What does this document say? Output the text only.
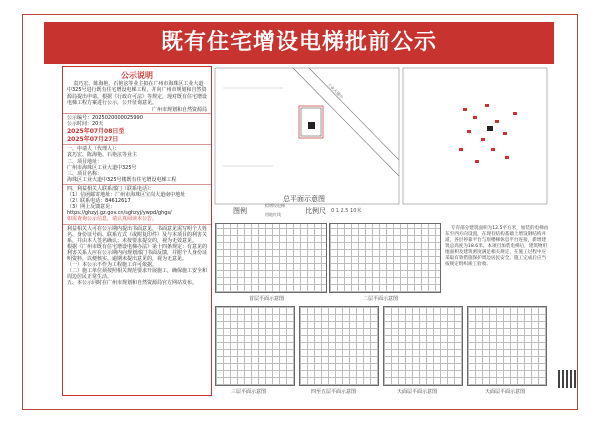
既有住宅增设电梯批前公示
公示说明
袁巧宏、陈海艳、石艳泫等业主拟在广州市海珠区工业大道中325号进行既有住宅增设电梯工程，并向广州市规划和自然资源局提出申请。根据《行政许可法》等规定，现对既有住宅增设电梯工程方案进行公示，公开征询意见。
广州市规划和自然资源局
公示编号：2025020000025990
公示时间：20天
2025年07月08日至
2025年07月27日
一、申请人（代理人）：
袁巧宏、陈海艳、石艳泫等业主
二、项目地址：
广州市海珠区工业大道中325号
三、项目名称：
海珠区工业大道中325号楼既有住宅增设电梯工程
四、利益相关人联系部门（联系电话）：
（1）信函邮寄地址：广州市海珠区宝岗大道南中地址
（2）联系电话：84612617
（3）网上反馈意见：
https://ghzyj.gz.gov.cn/sghzyj/ywpd/ghgs/
如需查询公示信息，请认真阅读本公告。
利益相关人可在公示期内提出书面意见，书面意见需写明个人姓名、身份证号码、联系方式（或附复印件）及与本项目的利害关系，并由本人签名确认；未按要求提交的，视为无效意见。
根据《广州市既有住宅增设电梯办法》第十四条规定：有意见的利害关系人应在公示期内向规划部门书面反馈，并附个人身份证明资料，以便核实。逾期未提出意见的，视为无意见。
（一）本公示不作为工程施工许可依据。
（二）施工单位须按照相关规范要求开展施工，确保施工安全和周边居民正常生活。
五、本公示同时在广州市规划和自然资源局官方网站发布。
工业大道中
总平面示意图
图例
拟增设电梯
用地红线	比例尺 0 1 2.5 10米
首层平面示意图	二层平面示意图
专有部分建筑面积为12.5平方米，加装的电梯由东至西方向设置，在现有结构基础上增设钢结构井道，各层停靠平台与原楼梯休息平台连接，新增建筑总高度为18.6米。本项目加装电梯后，建筑物用地面积及建筑密度满足相关规定，在施工过程中应采取有效措施保护周边居民安全。施工完成后应当按规定组织竣工验收。
三层平面示意图	四至五层平面示意图	天面层平面示意图	天面层平面示意图
